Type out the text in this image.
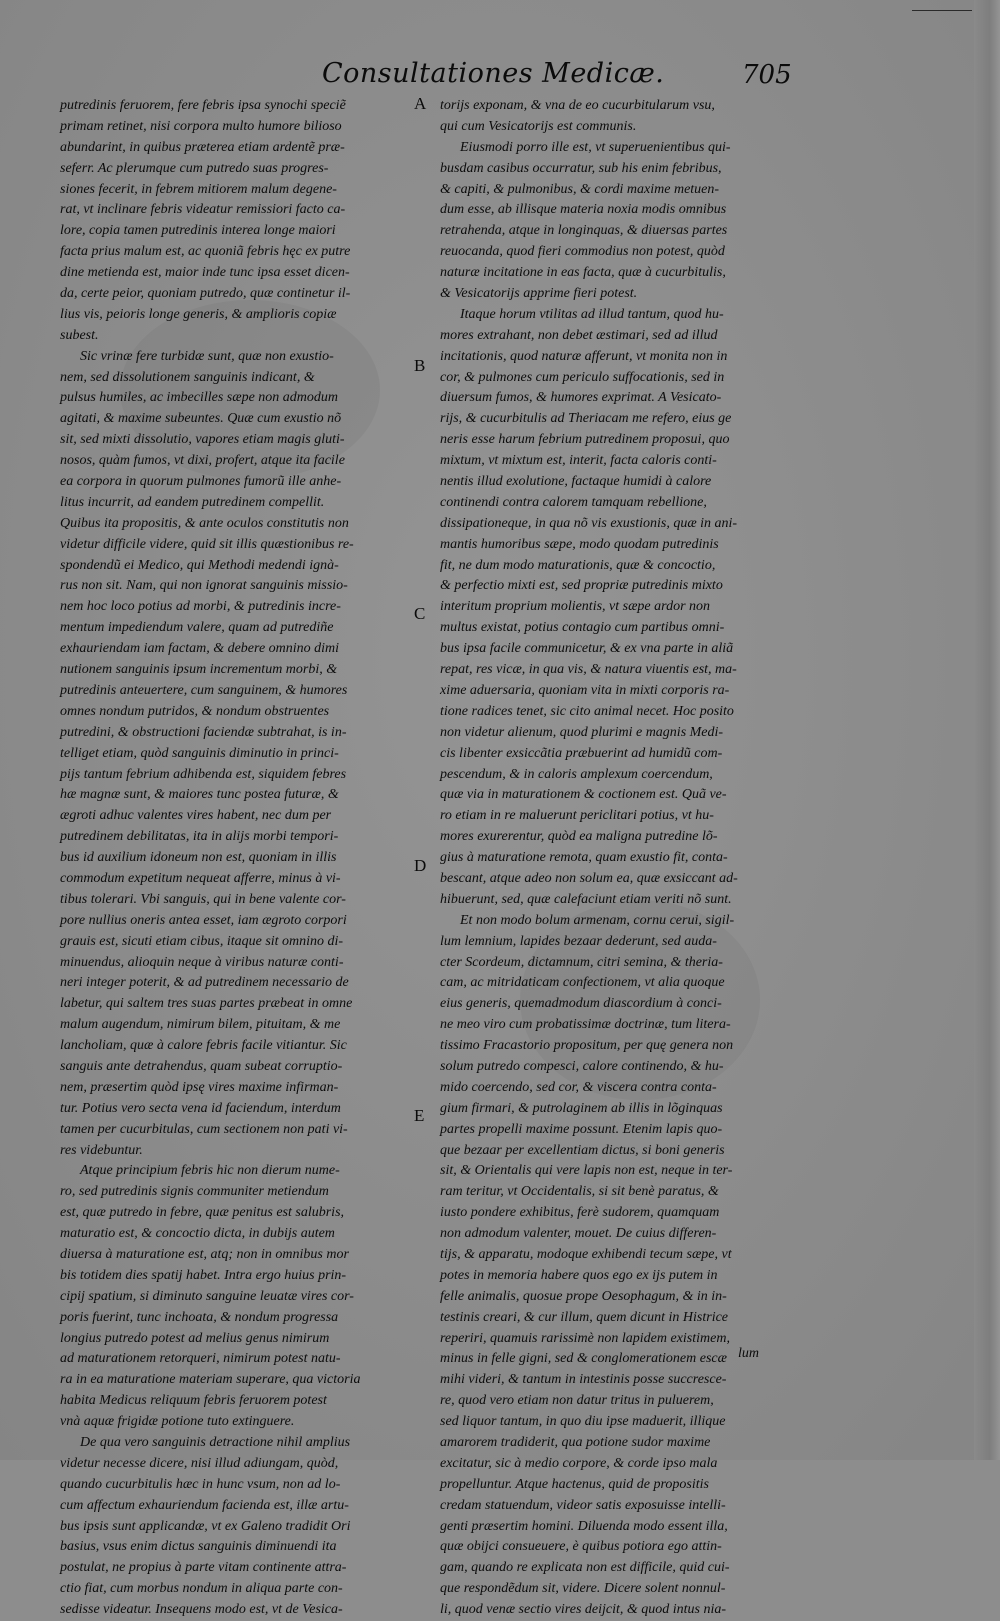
Consultationes Medicæ.	705
A
B
C
D
E

putredinis feruorem, fere febris ipsa synochi speciẽ

primam retinet, nisi corpora multo humore bilioso

abundarint, in quibus præterea etiam ardentẽ præ-

seferr. Ac plerumque cum putredo suas progres-

siones fecerit, in febrem mitiorem malum degene-

rat, vt inclinare febris videatur remissiori facto ca-

lore, copia tamen putredinis interea longe maiori

facta prius malum est, ac quoniã febris hęc ex putre

dine metienda est, maior inde tunc ipsa esset dicen-

da, certe peior, quoniam putredo, quæ continetur il-

lius vis, peioris longe generis, & amplioris copiæ

subest.

Sic vrinæ fere turbidæ sunt, quæ non exustio-

nem, sed dissolutionem sanguinis indicant, &

pulsus humiles, ac imbecilles sæpe non admodum

agitati, & maxime subeuntes. Quæ cum exustio nõ

sit, sed mixti dissolutio, vapores etiam magis gluti-

nosos, quàm fumos, vt dixi, profert, atque ita facile

ea corpora in quorum pulmones fumorũ ille anhe-

litus incurrit, ad eandem putredinem compellit.

Quibus ita propositis, & ante oculos constitutis non

videtur difficile videre, quid sit illis quæstionibus re-

spondendũ ei Medico, qui Methodi medendi ignà-

rus non sit. Nam, qui non ignorat sanguinis missio-

nem hoc loco potius ad morbi, & putredinis incre-

mentum impediendum valere, quam ad putrediñe

exhauriendam iam factam, & debere omnino dimi

nutionem sanguinis ipsum incrementum morbi, &

putredinis anteuertere, cum sanguinem, & humores

omnes nondum putridos, & nondum obstruentes

putredini, & obstructioni faciendæ subtrahat, is in-

telliget etiam, quòd sanguinis diminutio in princi-

pijs tantum febrium adhibenda est, siquidem febres

hæ magnæ sunt, & maiores tunc postea futuræ, &

ægroti adhuc valentes vires habent, nec dum per

putredinem debilitatas, ita in alijs morbi tempori-

bus id auxilium idoneum non est, quoniam in illis

commodum expetitum nequeat afferre, minus à vi-

tibus tolerari. Vbi sanguis, qui in bene valente cor-

pore nullius oneris antea esset, iam ægroto corpori

grauis est, sicuti etiam cibus, itaque sit omnino di-

minuendus, alioquin neque à viribus naturæ conti-

neri integer poterit, & ad putredinem necessario de

labetur, qui saltem tres suas partes præbeat in omne

malum augendum, nimirum bilem, pituitam, & me

lancholiam, quæ à calore febris facile vitiantur. Sic

sanguis ante detrahendus, quam subeat corruptio-

nem, præsertim quòd ipsę vires maxime infirman-

tur. Potius vero secta vena id faciendum, interdum

tamen per cucurbitulas, cum sectionem non pati vi-

res videbuntur.

Atque principium febris hic non dierum nume-

ro, sed putredinis signis communiter metiendum

est, quæ putredo in febre, quæ penitus est salubris,

maturatio est, & concoctio dicta, in dubijs autem

diuersa à maturatione est, atq; non in omnibus mor

bis totidem dies spatij habet. Intra ergo huius prin-

cipij spatium, si diminuto sanguine leuatæ vires cor-

poris fuerint, tunc inchoata, & nondum progressa

longius putredo potest ad melius genus nimirum

ad maturationem retorqueri, nimirum potest natu-

ra in ea maturatione materiam superare, qua victoria

habita Medicus reliquum febris feruorem potest

vnà aquæ frigidæ potione tuto extinguere.

De qua vero sanguinis detractione nihil amplius

videtur necesse dicere, nisi illud adiungam, quòd,

quando cucurbitulis hæc in hunc vsum, non ad lo-

cum affectum exhauriendum facienda est, illæ artu-

bus ipsis sunt applicandæ, vt ex Galeno tradidit Ori

basius, vsus enim dictus sanguinis diminuendi ita

postulat, ne propius à parte vitam continente attra-

ctio fiat, cum morbus nondum in aliqua parte con-

sedisse videatur. Insequens modo est, vt de Vesica-

torijs exponam, & vna de eo cucurbitularum vsu,

qui cum Vesicatorijs est communis.

Eiusmodi porro ille est, vt superuenientibus qui-

busdam casibus occurratur, sub his enim febribus,

& capiti, & pulmonibus, & cordi maxime metuen-

dum esse, ab illisque materia noxia modis omnibus

retrahenda, atque in longinquas, & diuersas partes

reuocanda, quod fieri commodius non potest, quòd

naturæ incitatione in eas facta, quæ à cucurbitulis,

& Vesicatorijs apprime fieri potest.

Itaque horum vtilitas ad illud tantum, quod hu-

mores extrahant, non debet æstimari, sed ad illud

incitationis, quod naturæ afferunt, vt monita non in

cor, & pulmones cum periculo suffocationis, sed in

diuersum fumos, & humores exprimat. A Vesicato-

rijs, & cucurbitulis ad Theriacam me refero, eius ge

neris esse harum febrium putredinem proposui, quo

mixtum, vt mixtum est, interit, facta caloris conti-

nentis illud exolutione, factaque humidi à calore

continendi contra calorem tamquam rebellione,

dissipationeque, in qua nõ vis exustionis, quæ in ani-

mantis humoribus sæpe, modo quodam putredinis

fit, ne dum modo maturationis, quæ & concoctio,

& perfectio mixti est, sed propriæ putredinis mixto

interitum proprium molientis, vt sæpe ardor non

multus existat, potius contagio cum partibus omni-

bus ipsa facile communicetur, & ex vna parte in aliã

repat, res vicæ, in qua vis, & natura viuentis est, ma-

xime aduersaria, quoniam vita in mixti corporis ra-

tione radices tenet, sic cito animal necet. Hoc posito

non videtur alienum, quod plurimi e magnis Medi-

cis libenter exsiccãtia præbuerint ad humidũ com-

pescendum, & in caloris amplexum coercendum,

quæ via in maturationem & coctionem est. Quã ve-

ro etiam in re maluerunt periclitari potius, vt hu-

mores exurerentur, quòd ea maligna putredine lõ-

gius à maturatione remota, quam exustio fit, conta-

bescant, atque adeo non solum ea, quæ exsiccant ad-

hibuerunt, sed, quæ calefaciunt etiam veriti nõ sunt.

Et non modo bolum armenam, cornu cerui, sigil-

lum lemnium, lapides bezaar dederunt, sed auda-

cter Scordeum, dictamnum, citri semina, & theria-

cam, ac mitridaticam confectionem, vt alia quoque

eius generis, quemadmodum diascordium à conci-

ne meo viro cum probatissimæ doctrinæ, tum litera-

tissimo Fracastorio propositum, per quę genera non

solum putredo compesci, calore continendo, & hu-

mido coercendo, sed cor, & viscera contra conta-

gium firmari, & putrolaginem ab illis in lõginquas

partes propelli maxime possunt. Etenim lapis quo-

que bezaar per excellentiam dictus, si boni generis

sit, & Orientalis qui vere lapis non est, neque in ter-

ram teritur, vt Occidentalis, si sit benè paratus, &

iusto pondere exhibitus, ferè sudorem, quamquam

non admodum valenter, mouet. De cuius differen-

tijs, & apparatu, modoque exhibendi tecum sæpe, vt

potes in memoria habere quos ego ex ijs putem in

felle animalis, quosue prope Oesophagum, & in in-

testinis creari, & cur illum, quem dicunt in Histrice

reperiri, quamuis rarissimè non lapidem existimem,

minus in felle gigni, sed & conglomerationem escæ

mihi videri, & tantum in intestinis posse succresce-

re, quod vero etiam non datur tritus in puluerem,

sed liquor tantum, in quo diu ipse maduerit, illique

amarorem tradiderit, qua potione sudor maxime

excitatur, sic à medio corpore, & corde ipso mala

propelluntur. Atque hactenus, quid de propositis

credam statuendum, videor satis exposuisse intelli-

genti præsertim homini. Diluenda modo essent illa,

quæ obijci consueuere, è quibus potiora ego attin-

gam, quando re explicata non est difficile, quid cui-

que respondẽdum sit, videre. Dicere solent nonnul-

li, quod venæ sectio vires deijcit, & quod intus nia-

lum
